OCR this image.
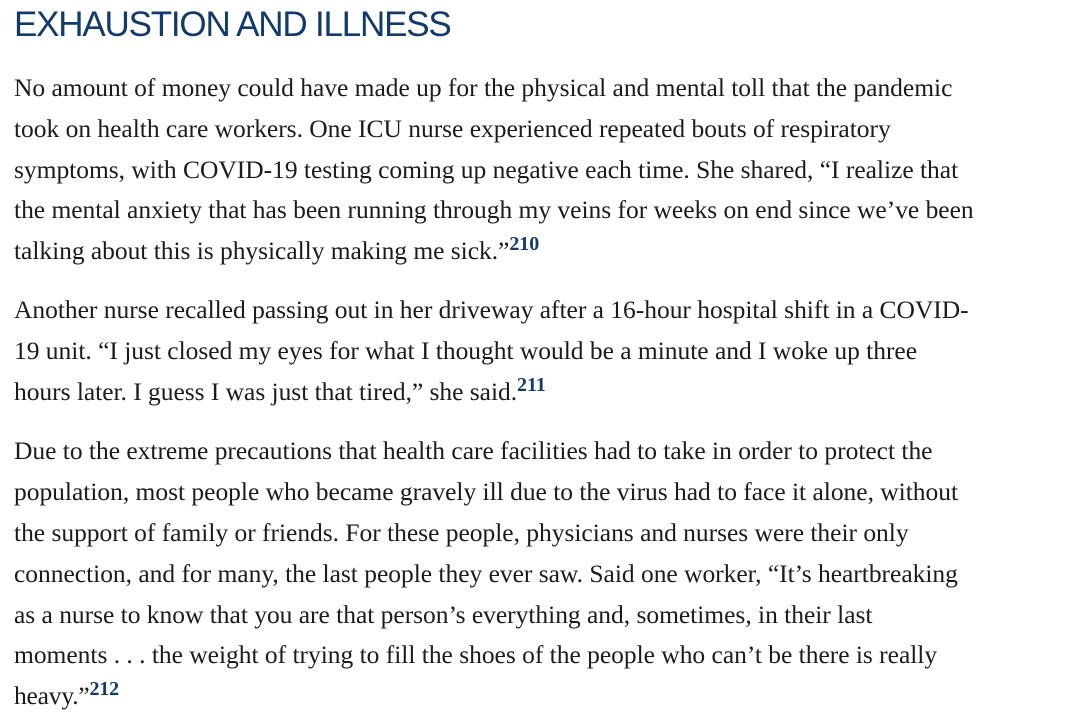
EXHAUSTION AND ILLNESS

No amount of money could have made up for the physical and mental toll that the pandemic
took on health care workers. One ICU nurse experienced repeated bouts of respiratory
symptoms, with COVID-19 testing coming up negative each time. She shared, “I realize that
the mental anxiety that has been running through my veins for weeks on end since we’ve been
talking about this is physically making me sick.”$^{210}$

Another nurse recalled passing out in her driveway after a 16-hour hospital shift in a COVID-
19 unit. “I just closed my eyes for what I thought would be a minute and I woke up three
hours later. I guess I was just that tired,” she said.$^{211}$

Due to the extreme precautions that health care facilities had to take in order to protect the
population, most people who became gravely ill due to the virus had to face it alone, without
the support of family or friends. For these people, physicians and nurses were their only
connection, and for many, the last people they ever saw. Said one worker, “It’s heartbreaking
as a nurse to know that you are that person’s everything and, sometimes, in their last
moments . . . the weight of trying to fill the shoes of the people who can’t be there is really
heavy.”$^{212}$
